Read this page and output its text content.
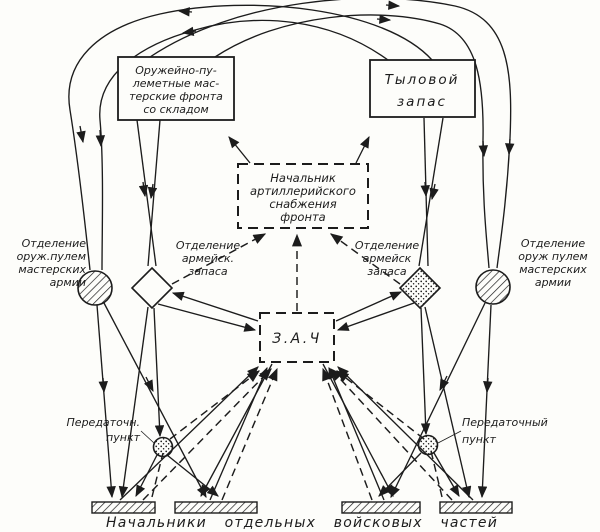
Оружейно-пу-
леметные мас-
терские фронта
со складом
Тыловой
запас
Начальник
артиллерийского
снабжения
фронта
З.А.Ч
Отделение
оруж.пулем
мастерских
армии
Отделение
армейск.
запаса
Отделение
армейск
запаса
Отделение
оруж пулем
мастерских
армии
Передаточн.
пункт
Передаточный
пункт
Начальники отдельных войсковых частей
